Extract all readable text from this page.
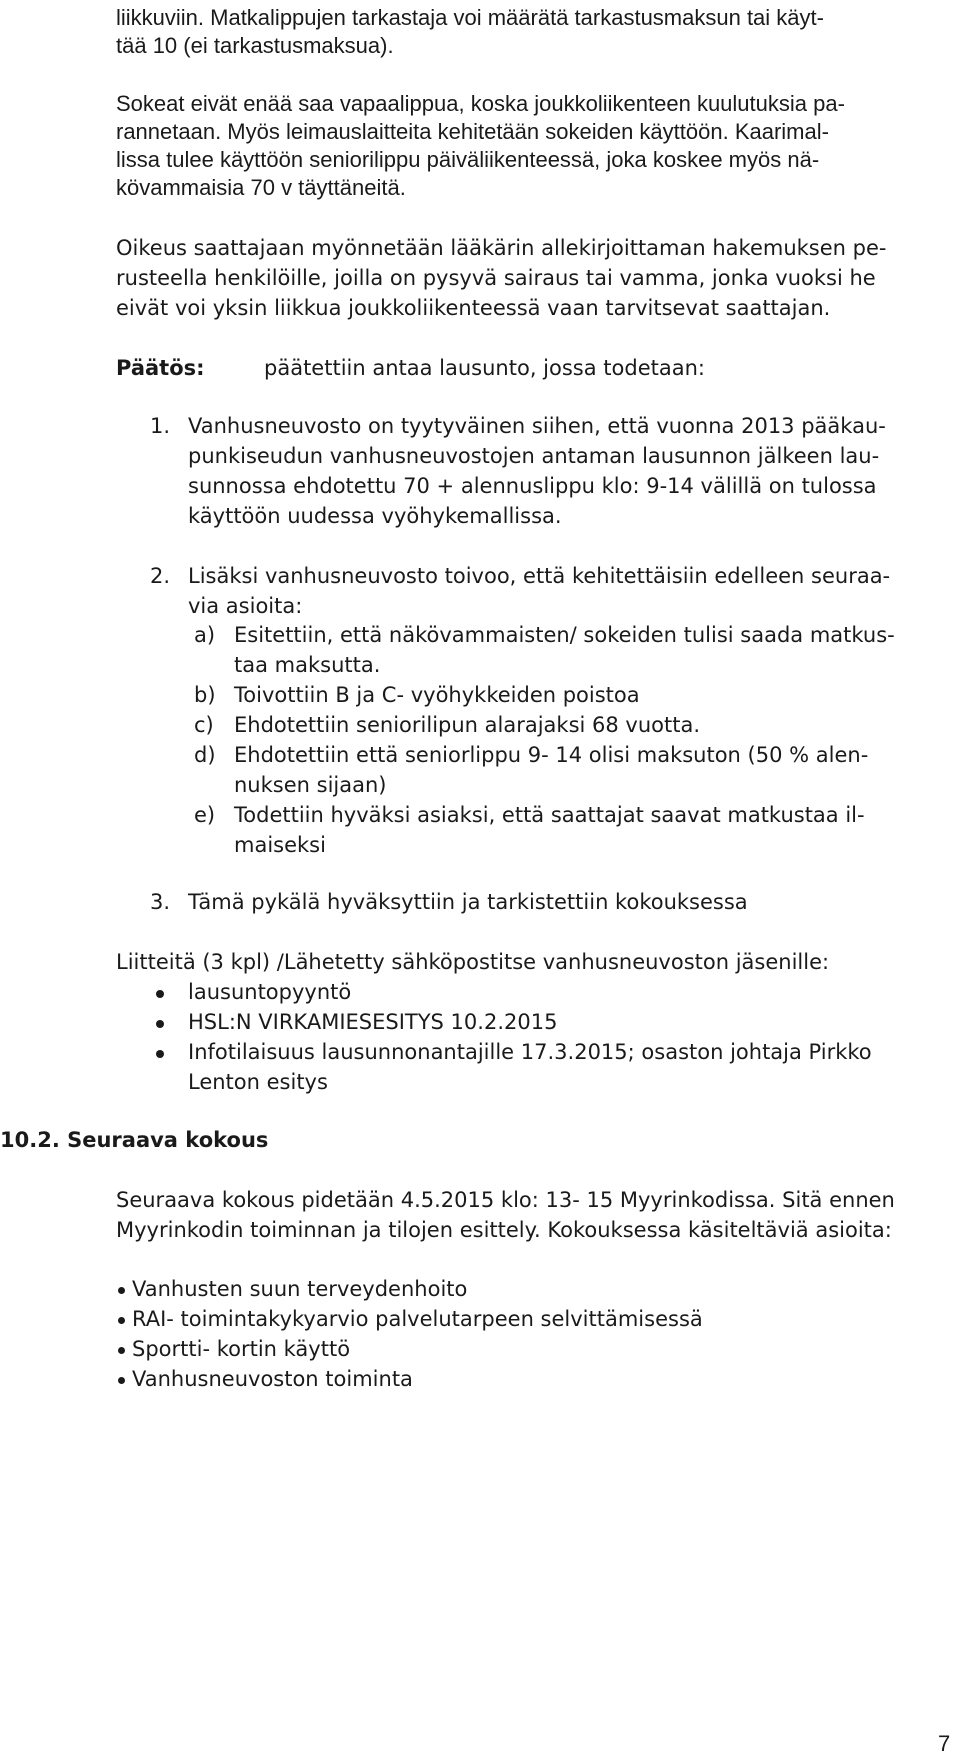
liikkuviin. Matkalippujen tarkastaja voi määrätä tarkastusmaksun tai käyt-
tää 10 (ei tarkastusmaksua).
Sokeat eivät enää saa vapaalippua, koska joukkoliikenteen kuulutuksia pa-
rannetaan. Myös leimauslaitteita kehitetään sokeiden käyttöön. Kaarimal-
lissa tulee käyttöön seniorilippu päiväliikenteessä, joka koskee myös nä-
kövammaisia 70 v täyttäneitä.
Oikeus saattajaan myönnetään lääkärin allekirjoittaman hakemuksen pe-
rusteella henkilöille, joilla on pysyvä sairaus tai vamma, jonka vuoksi he
eivät voi yksin liikkua joukkoliikenteessä vaan tarvitsevat saattajan.
Päätös:	päätettiin antaa lausunto, jossa todetaan:
1. Vanhusneuvosto on tyytyväinen siihen, että vuonna 2013 pääkau-
punkiseudun vanhusneuvostojen antaman lausunnon jälkeen lau-
sunnossa ehdotettu 70 + alennuslippu klo: 9-14 välillä on tulossa
käyttöön uudessa vyöhykemallissa.
2. Lisäksi vanhusneuvosto toivoo, että kehitettäisiin edelleen seuraa-
via asioita:
a) Esitettiin, että näkövammaisten/ sokeiden tulisi saada matkus-
taa maksutta.
b) Toivottiin B ja C- vyöhykkeiden poistoa
c) Ehdotettiin seniorilipun alarajaksi 68 vuotta.
d) Ehdotettiin että seniorlippu 9- 14 olisi maksuton (50 % alen-
nuksen sijaan)
e) Todettiin hyväksi asiaksi, että saattajat saavat matkustaa il-
maiseksi
3. Tämä pykälä hyväksyttiin ja tarkistettiin kokouksessa
Liitteitä (3 kpl) /Lähetetty sähköpostitse vanhusneuvoston jäsenille:
lausuntopyyntö
HSL:N VIRKAMIESESITYS 10.2.2015
Infotilaisuus lausunnonantajille 17.3.2015; osaston johtaja Pirkko
Lenton esitys
10.2. Seuraava kokous
Seuraava kokous pidetään 4.5.2015 klo: 13- 15 Myyrinkodissa. Sitä ennen
Myyrinkodin toiminnan ja tilojen esittely. Kokouksessa käsiteltäviä asioita:
Vanhusten suun terveydenhoito
RAI- toimintakykyarvio palvelutarpeen selvittämisessä
Sportti- kortin käyttö
Vanhusneuvoston toiminta
7
